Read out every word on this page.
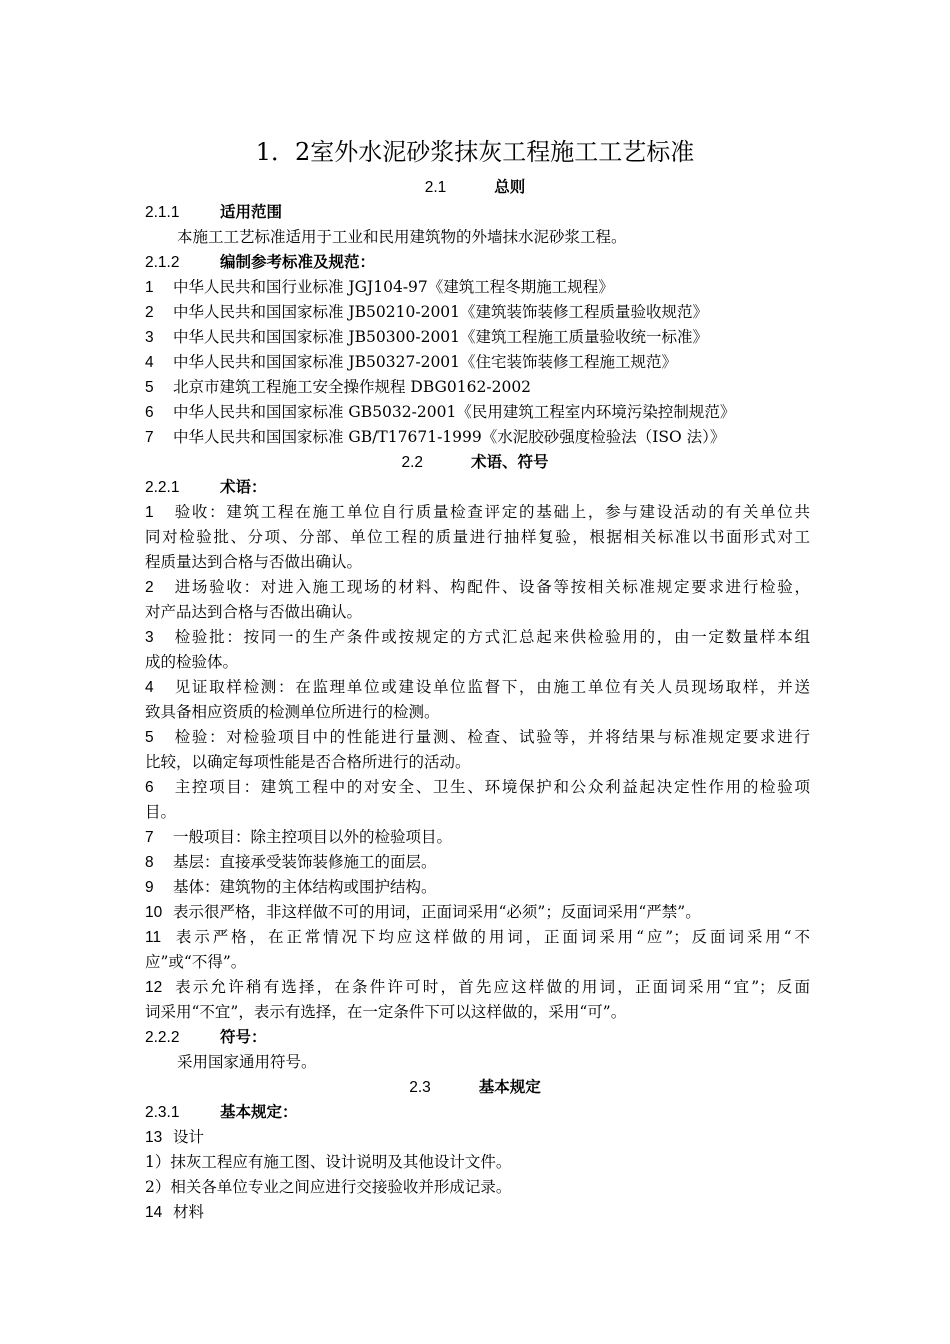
1．2室外水泥砂浆抹灰工程施工工艺标准
2.1	总则
2.1.1	适用范围
本施工工艺标准适用于工业和民用建筑物的外墙抹水泥砂浆工程。
2.1.2	编制参考标准及规范：
1 中华人民共和国行业标准 JGJ104-97《建筑工程冬期施工规程》
2 中华人民共和国国家标准 JB50210-2001《建筑装饰装修工程质量验收规范》
3 中华人民共和国国家标准 JB50300-2001《建筑工程施工质量验收统一标准》
4 中华人民共和国国家标准 JB50327-2001《住宅装饰装修工程施工规范》
5 北京市建筑工程施工安全操作规程 DBG0162-2002
6 中华人民共和国国家标准 GB5032-2001《民用建筑工程室内环境污染控制规范》
7 中华人民共和国国家标准 GB/T17671-1999《水泥胶砂强度检验法（ISO 法）》
2.2	术语、符号
2.2.1	术语：
1 验收：建筑工程在施工单位自行质量检查评定的基础上，参与建设活动的有关单位共
同对检验批、分项、分部、单位工程的质量进行抽样复验，根据相关标准以书面形式对工
程质量达到合格与否做出确认。
2 进场验收：对进入施工现场的材料、构配件、设备等按相关标准规定要求进行检验，
对产品达到合格与否做出确认。
3 检验批：按同一的生产条件或按规定的方式汇总起来供检验用的，由一定数量样本组
成的检验体。
4 见证取样检测：在监理单位或建设单位监督下，由施工单位有关人员现场取样，并送
致具备相应资质的检测单位所进行的检测。
5 检验：对检验项目中的性能进行量测、检查、试验等，并将结果与标准规定要求进行
比较，以确定每项性能是否合格所进行的活动。
6 主控项目：建筑工程中的对安全、卫生、环境保护和公众利益起决定性作用的检验项
目。
7 一般项目：除主控项目以外的检验项目。
8 基层：直接承受装饰装修施工的面层。
9 基体：建筑物的主体结构或围护结构。
10 表示很严格，非这样做不可的用词，正面词采用“必须”；反面词采用“严禁”。
11 表示严格，在正常情况下均应这样做的用词，正面词采用“应”；反面词采用“不
应”或“不得”。
12 表示允许稍有选择，在条件许可时，首先应这样做的用词，正面词采用“宜”；反面
词采用“不宜”，表示有选择，在一定条件下可以这样做的，采用“可”。
2.2.2	符号：
采用国家通用符号。
2.3	基本规定
2.3.1	基本规定：
13 设计
1）抹灰工程应有施工图、设计说明及其他设计文件。
2）相关各单位专业之间应进行交接验收并形成记录。
14 材料
